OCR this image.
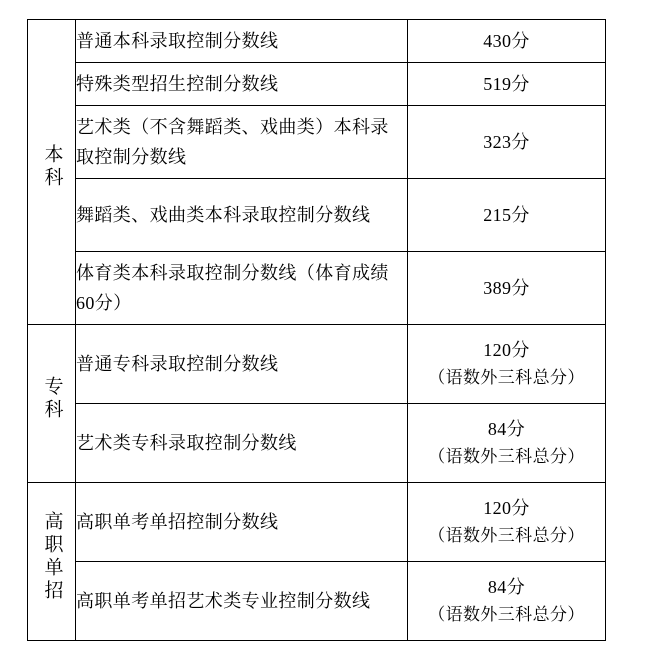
本科	普通本科录取控制分数线	430分

	特殊类型招生控制分数线	519分

	艺术类（不含舞蹈类、戏曲类）本科录取控制分数线	323分

	舞蹈类、戏曲类本科录取控制分数线	215分

	体育类本科录取控制分数线（体育成绩60分）	389分

专科	普通专科录取控制分数线	120分
（语数外三科总分）

	艺术类专科录取控制分数线	84分
（语数外三科总分）

高职单招	高职单考单招控制分数线	120分
（语数外三科总分）

	高职单考单招艺术类专业控制分数线	84分
（语数外三科总分）
